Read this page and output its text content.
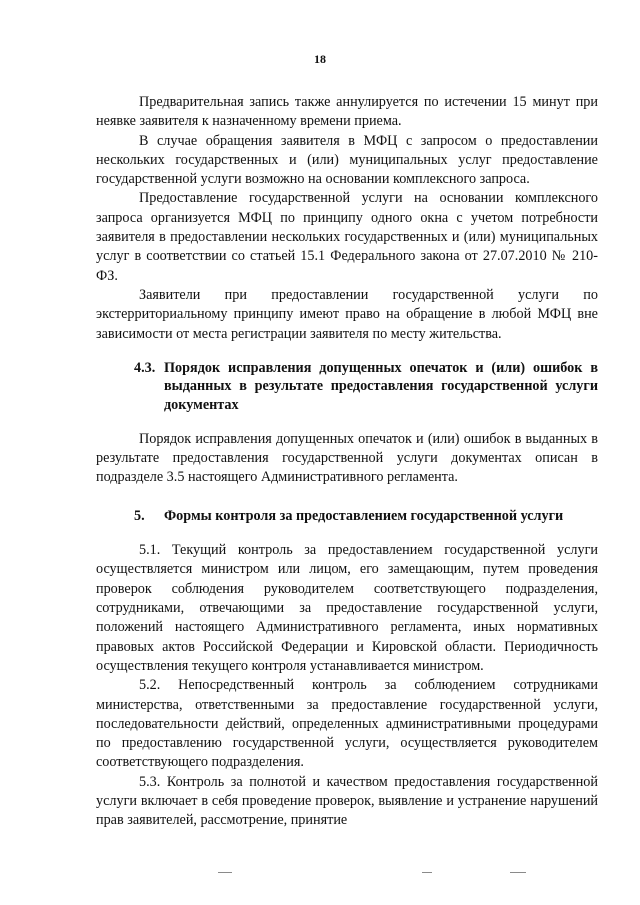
18

Предварительная запись также аннулируется по истечении 15 минут при неявке заявителя к назначенному времени приема.

В случае обращения заявителя в МФЦ с запросом о предоставлении нескольких государственных и (или) муниципальных услуг предоставление государственной услуги возможно на основании комплексного запроса.

Предоставление государственной услуги на основании комплексного запроса организуется МФЦ по принципу одного окна с учетом потребности заявителя в предоставлении нескольких государственных и (или) муниципальных услуг в соответствии со статьей 15.1 Федерального закона от 27.07.2010 № 210-ФЗ.

Заявители при предоставлении государственной услуги по экстерриториальному принципу имеют право на обращение в любой МФЦ вне зависимости от места регистрации заявителя по месту жительства.

4.3. Порядок исправления допущенных опечаток и (или) ошибок в выданных в результате предоставления государственной услуги документах

Порядок исправления допущенных опечаток и (или) ошибок в выданных в результате предоставления государственной услуги документах описан в подразделе 3.5 настоящего Административного регламента.

5.	Формы контроля за предоставлением государственной услуги

5.1. Текущий контроль за предоставлением государственной услуги осуществляется министром или лицом, его замещающим, путем проведения проверок соблюдения руководителем соответствующего подразделения, сотрудниками, отвечающими за предоставление государственной услуги, положений настоящего Административного регламента, иных нормативных правовых актов Российской Федерации и Кировской области. Периодичность осуществления текущего контроля устанавливается министром.

5.2. Непосредственный контроль за соблюдением сотрудниками министерства, ответственными за предоставление государственной услуги, последовательности действий, определенных административными процедурами по предоставлению государственной услуги, осуществляется руководителем соответствующего подразделения.

5.3. Контроль за полнотой и качеством предоставления государственной услуги включает в себя проведение проверок, выявление и устранение нарушений прав заявителей, рассмотрение, принятие
